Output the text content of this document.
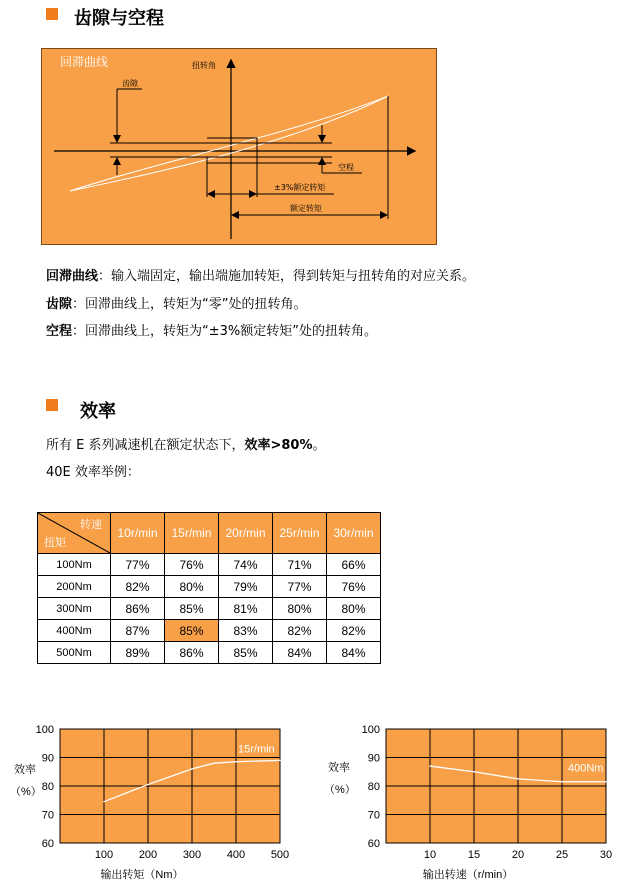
齿隙与空程
齿隙
空程
±3%额定转矩
额定转矩
回滞曲线	扭转角
回滞曲线：输入端固定，输出端施加转矩，得到转矩与扭转角的对应关系。
齿隙：回滞曲线上，转矩为“零”处的扭转角。
空程：回滞曲线上，转矩为“±3%额定转矩”处的扭转角。
效率
所有 E 系列减速机在额定状态下，效率>80%。
40E 效率举例：
转速
扭矩	10r/min	15r/min	20r/min	25r/min	30r/min
100Nm	77%	76%	74%	71%	66%
200Nm	82%	80%	79%	77%	76%
300Nm	86%	85%	81%	80%	80%
400Nm	87%	85%	83%	82%	82%
500Nm	89%	86%	85%	84%	84%
100 200 300 400 500
60
70
80
90
100
15r/min
输出转矩（Nm）
效率
（%）
10	15	20	25	30
60
70
80
90
100
400Nm
输出转速（r/min）
效率
（%）
